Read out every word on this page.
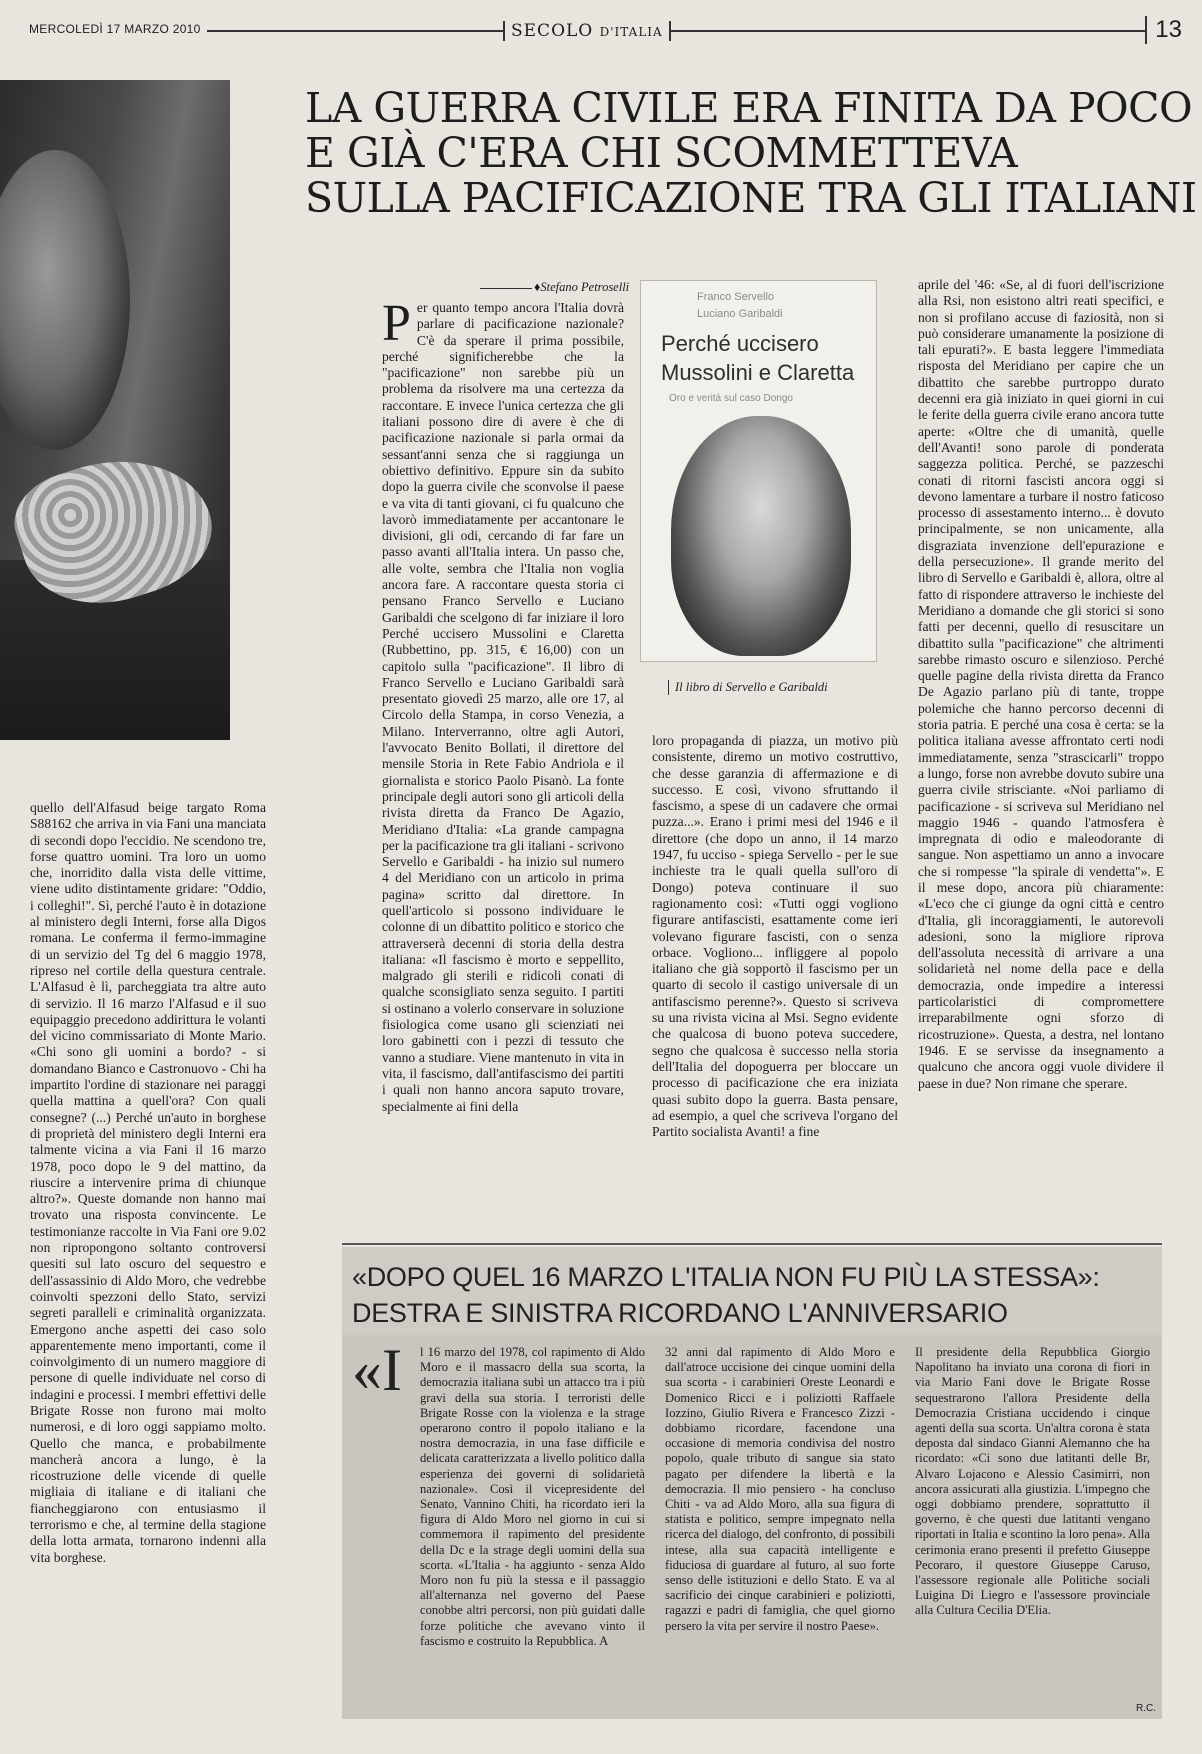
MERCOLEDÌ 17 MARZO 2010	SECOLO D'ITALIA	13
LA GUERRA CIVILE ERA FINITA DA POCO
E GIÀ C'ERA CHI SCOMMETTEVA
SULLA PACIFICAZIONE TRA GLI ITALIANI
♦Stefano Petroselli
P er quanto tempo ancora l'Italia dovrà parlare di pacificazione nazionale? C'è da sperare il prima possibile, perché significherebbe che la "pacificazione" non sarebbe più un problema da risolvere ma una certezza da raccontare. E invece l'unica certezza che gli italiani possono dire di avere è che di pacificazione nazionale si parla ormai da sessant'anni senza che si raggiunga un obiettivo definitivo. Eppure sin da subito dopo la guerra civile che sconvolse il paese e va vita di tanti giovani, ci fu qualcuno che lavorò immediatamente per accantonare le divisioni, gli odi, cercando di far fare un passo avanti all'Italia intera. Un passo che, alle volte, sembra che l'Italia non voglia ancora fare. A raccontare questa storia ci pensano Franco Servello e Luciano Garibaldi che scelgono di far iniziare il loro Perché uccisero Mussolini e Claretta (Rubbettino, pp. 315, € 16,00) con un capitolo sulla "pacificazione". Il libro di Franco Servello e Luciano Garibaldi sarà presentato giovedì 25 marzo, alle ore 17, al Circolo della Stampa, in corso Venezia, a Milano. Interverranno, oltre agli Autori, l'avvocato Benito Bollati, il direttore del mensile Storia in Rete Fabio Andriola e il giornalista e storico Paolo Pisanò. La fonte principale degli autori sono gli articoli della rivista diretta da Franco De Agazio, Meridiano d'Italia: «La grande campagna per la pacificazione tra gli italiani - scrivono Servello e Garibaldi - ha inizio sul numero 4 del Meridiano con un articolo in prima pagina» scritto dal direttore. In quell'articolo si possono individuare le colonne di un dibattito politico e storico che attraverserà decenni di storia della destra italiana: «Il fascismo è morto e seppellito, malgrado gli sterili e ridicoli conati di qualche sconsigliato senza seguito. I partiti si ostinano a volerlo conservare in soluzione fisiologica come usano gli scienziati nei loro gabinetti con i pezzi di tessuto che vanno a studiare. Viene mantenuto in vita in vita, il fascismo, dall'antifascismo dei partiti i quali non hanno ancora saputo trovare, specialmente ai fini della

Franco Servello
Luciano Garibaldi
Perché uccisero
Mussolini e Claretta
Oro e verità sul caso Dongo
Il libro di Servello e Garibaldi

loro propaganda di piazza, un motivo più consistente, diremo un motivo costruttivo, che desse garanzia di affermazione e di successo. E così, vivono sfruttando il fascismo, a spese di un cadavere che ormai puzza...». Erano i primi mesi del 1946 e il direttore (che dopo un anno, il 14 marzo 1947, fu ucciso - spiega Servello - per le sue inchieste tra le quali quella sull'oro di Dongo) poteva continuare il suo ragionamento così: «Tutti oggi vogliono figurare antifascisti, esattamente come ieri volevano figurare fascisti, con o senza orbace. Vogliono... infliggere al popolo italiano che già sopportò il fascismo per un quarto di secolo il castigo universale di un antifascismo perenne?». Questo si scriveva su una rivista vicina al Msi. Segno evidente che qualcosa di buono poteva succedere, segno che qualcosa è successo nella storia dell'Italia del dopoguerra per bloccare un processo di pacificazione che era iniziata quasi subito dopo la guerra. Basta pensare, ad esempio, a quel che scriveva l'organo del Partito socialista Avanti! a fine

aprile del '46: «Se, al di fuori dell'iscrizione alla Rsi, non esistono altri reati specifici, e non si profilano accuse di faziosità, non si può considerare umanamente la posizione di tali epurati?». E basta leggere l'immediata risposta del Meridiano per capire che un dibattito che sarebbe purtroppo durato decenni era già iniziato in quei giorni in cui le ferite della guerra civile erano ancora tutte aperte: «Oltre che di umanità, quelle dell'Avanti! sono parole di ponderata saggezza politica. Perché, se pazzeschi conati di ritorni fascisti ancora oggi si devono lamentare a turbare il nostro faticoso processo di assestamento interno... è dovuto principalmente, se non unicamente, alla disgraziata invenzione dell'epurazione e della persecuzione». Il grande merito del libro di Servello e Garibaldi è, allora, oltre al fatto di rispondere attraverso le inchieste del Meridiano a domande che gli storici si sono fatti per decenni, quello di resuscitare un dibattito sulla "pacificazione" che altrimenti sarebbe rimasto oscuro e silenzioso. Perché quelle pagine della rivista diretta da Franco De Agazio parlano più di tante, troppe polemiche che hanno percorso decenni di storia patria. E perché una cosa è certa: se la politica italiana avesse affrontato certi nodi immediatamente, senza "strascicarli" troppo a lungo, forse non avrebbe dovuto subire una guerra civile strisciante. «Noi parliamo di pacificazione - si scriveva sul Meridiano nel maggio 1946 - quando l'atmosfera è impregnata di odio e maleodorante di sangue. Non aspettiamo un anno a invocare che si rompesse "la spirale di vendetta"». E il mese dopo, ancora più chiaramente: «L'eco che ci giunge da ogni città e centro d'Italia, gli incoraggiamenti, le autorevoli adesioni, sono la migliore riprova dell'assoluta necessità di arrivare a una solidarietà nel nome della pace e della democrazia, onde impedire a interessi particolaristici di compromettere irreparabilmente ogni sforzo di ricostruzione». Questa, a destra, nel lontano 1946. E se servisse da insegnamento a qualcuno che ancora oggi vuole dividere il paese in due? Non rimane che sperare.

quello dell'Alfasud beige targato Roma S88162 che arriva in via Fani una manciata di secondi dopo l'eccidio. Ne scendono tre, forse quattro uomini. Tra loro un uomo che, inorridito dalla vista delle vittime, viene udito distintamente gridare: "Oddio, i colleghi!". Sì, perché l'auto è in dotazione al ministero degli Interni, forse alla Digos romana. Le conferma il fermo-immagine di un servizio del Tg del 6 maggio 1978, ripreso nel cortile della questura centrale. L'Alfasud è lì, parcheggiata tra altre auto di servizio. Il 16 marzo l'Alfasud e il suo equipaggio precedono addirittura le volanti del vicino commissariato di Monte Mario. «Chi sono gli uomini a bordo? - si domandano Bianco e Castronuovo - Chi ha impartito l'ordine di stazionare nei paraggi quella mattina a quell'ora? Con quali consegne? (...) Perché un'auto in borghese di proprietà del ministero degli Interni era talmente vicina a via Fani il 16 marzo 1978, poco dopo le 9 del mattino, da riuscire a intervenire prima di chiunque altro?». Queste domande non hanno mai trovato una risposta convincente. Le testimonianze raccolte in Via Fani ore 9.02 non ripropongono soltanto controversi quesiti sul lato oscuro del sequestro e dell'assassinio di Aldo Moro, che vedrebbe coinvolti spezzoni dello Stato, servizi segreti paralleli e criminalità organizzata. Emergono anche aspetti dei caso solo apparentemente meno importanti, come il coinvolgimento di un numero maggiore di persone di quelle individuate nel corso di indagini e processi. I membri effettivi delle Brigate Rosse non furono mai molto numerosi, e di loro oggi sappiamo molto. Quello che manca, e probabilmente mancherà ancora a lungo, è la ricostruzione delle vicende di quelle migliaia di italiane e di italiani che fiancheggiarono con entusiasmo il terrorismo e che, al termine della stagione della lotta armata, tornarono indenni alla vita borghese.

«DOPO QUEL 16 MARZO L'ITALIA NON FU PIÙ LA STESSA»:
DESTRA E SINISTRA RICORDANO L'ANNIVERSARIO
«I l 16 marzo del 1978, col rapimento di Aldo Moro e il massacro della sua scorta, la democrazia italiana subì un attacco tra i più gravi della sua storia. I terroristi delle Brigate Rosse con la violenza e la strage operarono contro il popolo italiano e la nostra democrazia, in una fase difficile e delicata caratterizzata a livello politico dalla esperienza dei governi di solidarietà nazionale». Così il vicepresidente del Senato, Vannino Chiti, ha ricordato ieri la figura di Aldo Moro nel giorno in cui si commemora il rapimento del presidente della Dc e la strage degli uomini della sua scorta. «L'Italia - ha aggiunto - senza Aldo Moro non fu più la stessa e il passaggio all'alternanza nel governo del Paese conobbe altri percorsi, non più guidati dalle forze politiche che avevano vinto il fascismo e costruito la Repubblica. A

32 anni dal rapimento di Aldo Moro e dall'atroce uccisione dei cinque uomini della sua scorta - i carabinieri Oreste Leonardi e Domenico Ricci e i poliziotti Raffaele Iozzino, Giulio Rivera e Francesco Zizzi - dobbiamo ricordare, facendone una occasione di memoria condivisa del nostro popolo, quale tributo di sangue sia stato pagato per difendere la libertà e la democrazia. Il mio pensiero - ha concluso Chiti - va ad Aldo Moro, alla sua figura di statista e politico, sempre impegnato nella ricerca del dialogo, del confronto, di possibili intese, alla sua capacità intelligente e fiduciosa di guardare al futuro, al suo forte senso delle istituzioni e dello Stato. E va al sacrificio dei cinque carabinieri e poliziotti, ragazzi e padri di famiglia, che quel giorno persero la vita per servire il nostro Paese».

Il presidente della Repubblica Giorgio Napolitano ha inviato una corona di fiori in via Mario Fani dove le Brigate Rosse sequestrarono l'allora Presidente della Democrazia Cristiana uccidendo i cinque agenti della sua scorta. Un'altra corona è stata deposta dal sindaco Gianni Alemanno che ha ricordato: «Ci sono due latitanti delle Br, Alvaro Lojacono e Alessio Casimirri, non ancora assicurati alla giustizia. L'impegno che oggi dobbiamo prendere, soprattutto il governo, è che questi due latitanti vengano riportati in Italia e scontino la loro pena». Alla cerimonia erano presenti il prefetto Giuseppe Pecoraro, il questore Giuseppe Caruso, l'assessore regionale alle Politiche sociali Luigina Di Liegro e l'assessore provinciale alla Cultura Cecilia D'Elia.

R.C.
